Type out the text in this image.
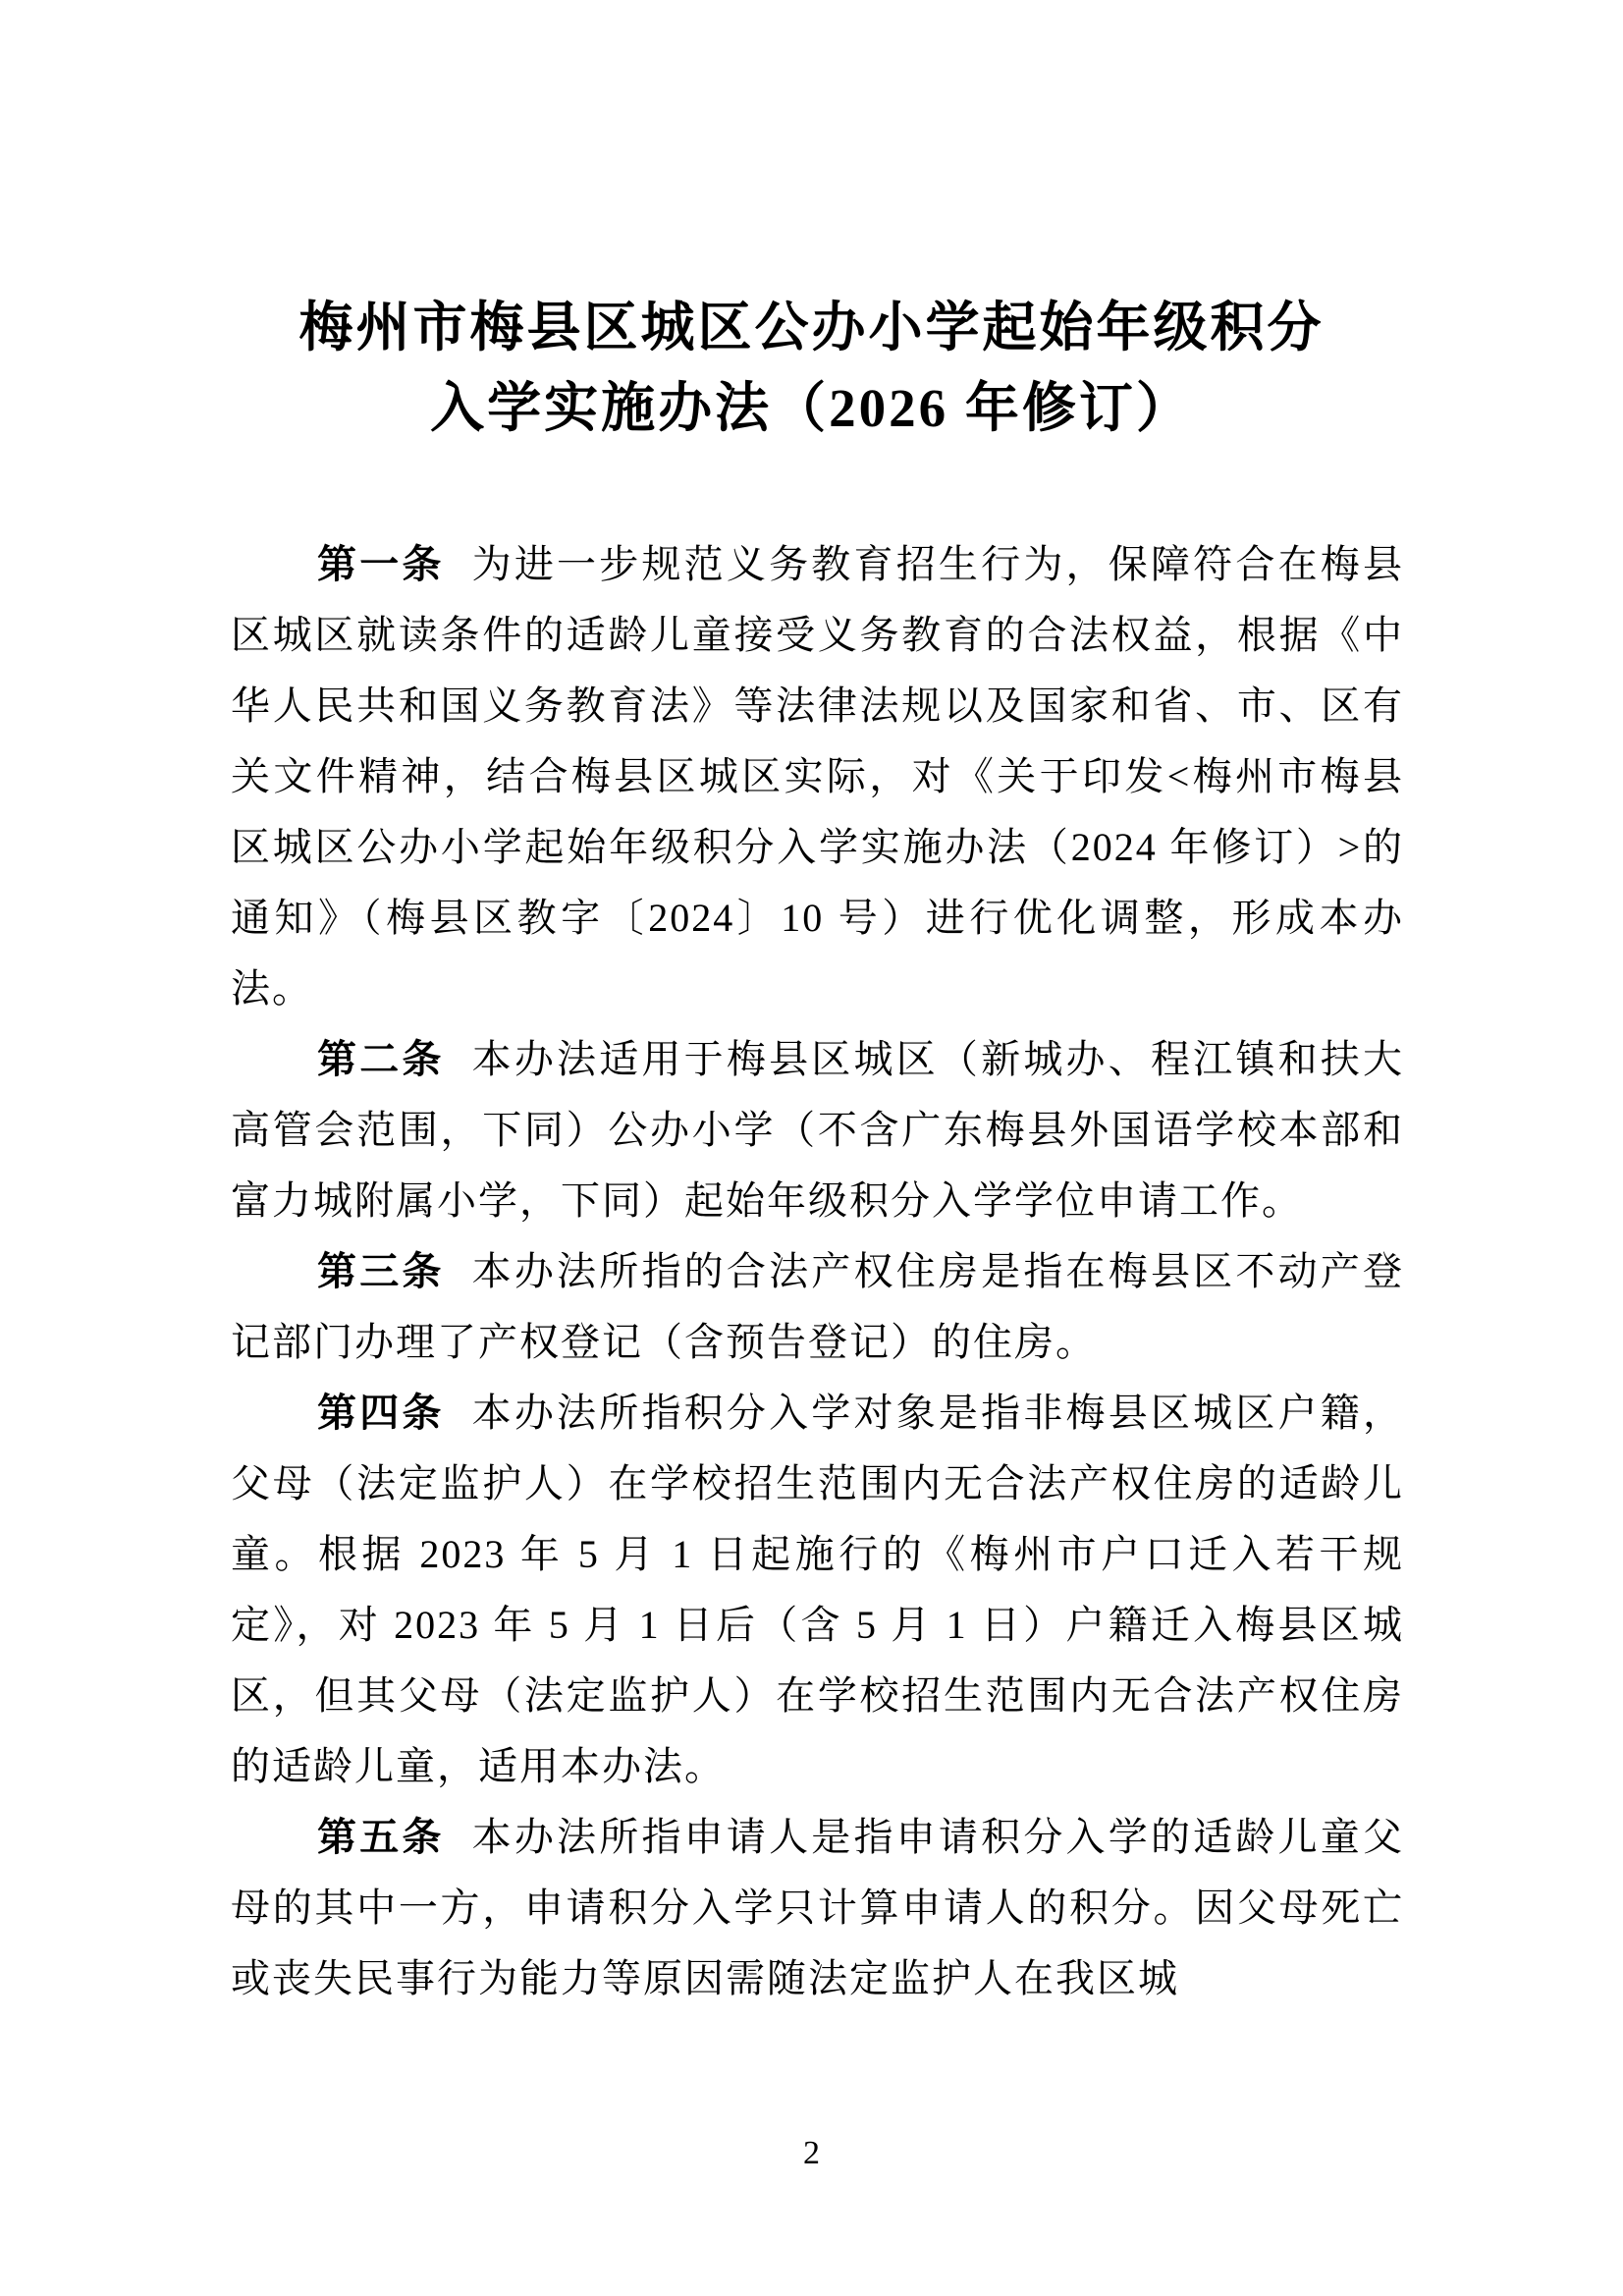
梅州市梅县区城区公办小学起始年级积分
入学实施办法（2026 年修订）

第一条 为进一步规范义务教育招生行为，保障符合在梅县区城区就读条件的适龄儿童接受义务教育的合法权益，根据《中华人民共和国义务教育法》等法律法规以及国家和省、市、区有关文件精神，结合梅县区城区实际，对《关于印发<梅州市梅县区城区公办小学起始年级积分入学实施办法（2024 年修订）>的通知》（梅县区教字〔2024〕10 号）进行优化调整，形成本办法。

第二条 本办法适用于梅县区城区（新城办、程江镇和扶大高管会范围，下同）公办小学（不含广东梅县外国语学校本部和富力城附属小学，下同）起始年级积分入学学位申请工作。

第三条 本办法所指的合法产权住房是指在梅县区不动产登记部门办理了产权登记（含预告登记）的住房。

第四条 本办法所指积分入学对象是指非梅县区城区户籍，父母（法定监护人）在学校招生范围内无合法产权住房的适龄儿童。根据 2023 年 5 月 1 日起施行的《梅州市户口迁入若干规定》，对 2023 年 5 月 1 日后（含 5 月 1 日）户籍迁入梅县区城区，但其父母（法定监护人）在学校招生范围内无合法产权住房的适龄儿童，适用本办法。

第五条 本办法所指申请人是指申请积分入学的适龄儿童父母的其中一方，申请积分入学只计算申请人的积分。因父母死亡或丧失民事行为能力等原因需随法定监护人在我区城

2
